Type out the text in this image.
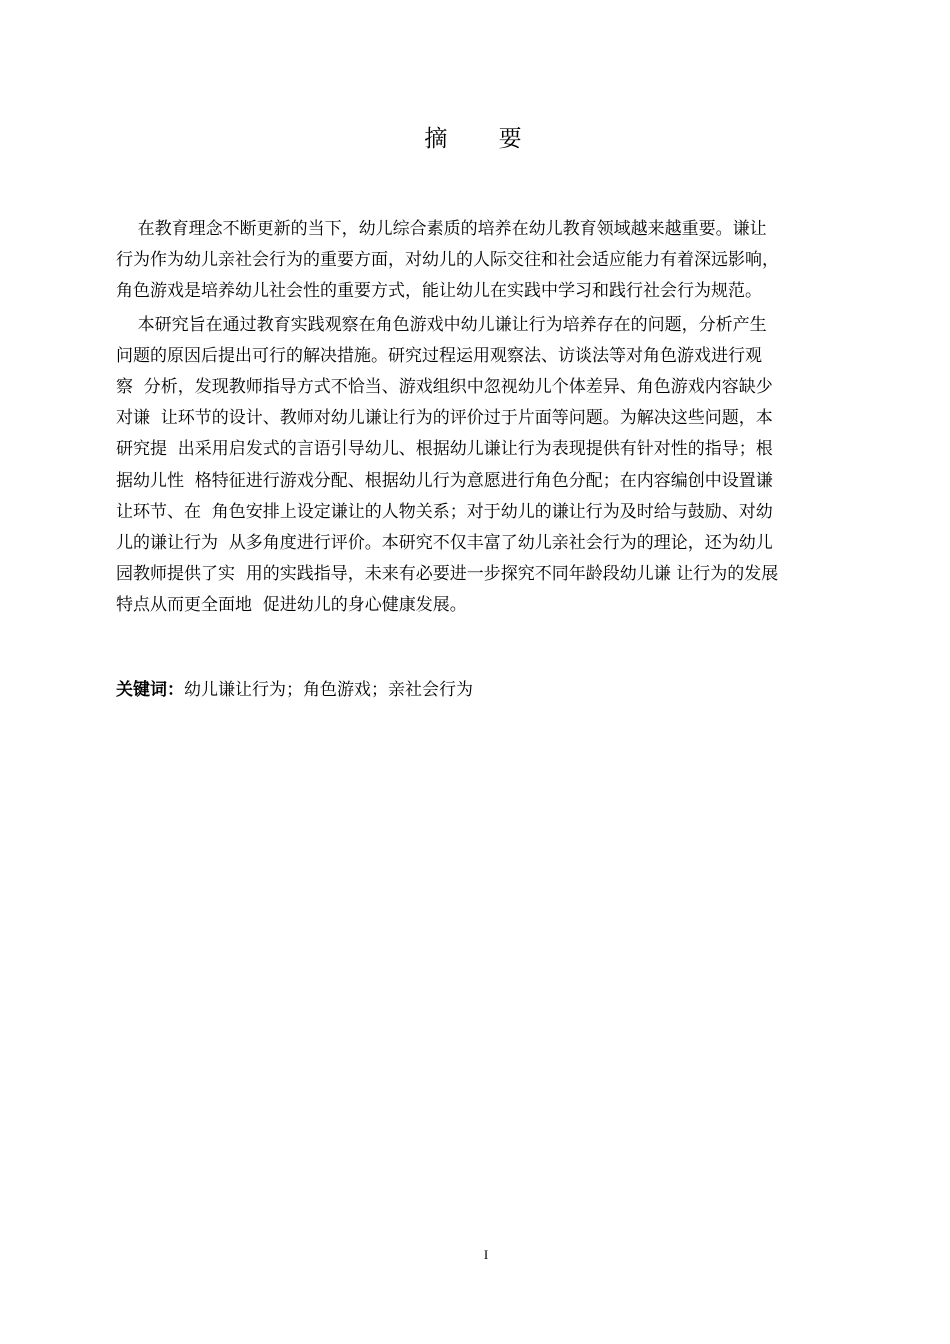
摘 要
在教育理念不断更新的当下，幼儿综合素质的培养在幼儿教育领域越来越重要。谦让
行为作为幼儿亲社会行为的重要方面，对幼儿的人际交往和社会适应能力有着深远影响，
角色游戏是培养幼儿社会性的重要方式，能让幼儿在实践中学习和践行社会行为规范。
本研究旨在通过教育实践观察在角色游戏中幼儿谦让行为培养存在的问题，分析产生
问题的原因后提出可行的解决措施。研究过程运用观察法、访谈法等对角色游戏进行观
察  分析，发现教师指导方式不恰当、游戏组织中忽视幼儿个体差异、角色游戏内容缺少
对谦  让环节的设计、教师对幼儿谦让行为的评价过于片面等问题。为解决这些问题，本
研究提  出采用启发式的言语引导幼儿、根据幼儿谦让行为表现提供有针对性的指导；根
据幼儿性  格特征进行游戏分配、根据幼儿行为意愿进行角色分配；在内容编创中设置谦
让环节、在  角色安排上设定谦让的人物关系；对于幼儿的谦让行为及时给与鼓励、对幼
儿的谦让行为  从多角度进行评价。本研究不仅丰富了幼儿亲社会行为的理论，还为幼儿
园教师提供了实  用的实践指导，未来有必要进一步探究不同年龄段幼儿谦 让行为的发展
特点从而更全面地  促进幼儿的身心健康发展。
关键词：幼儿谦让行为；角色游戏；亲社会行为
I
